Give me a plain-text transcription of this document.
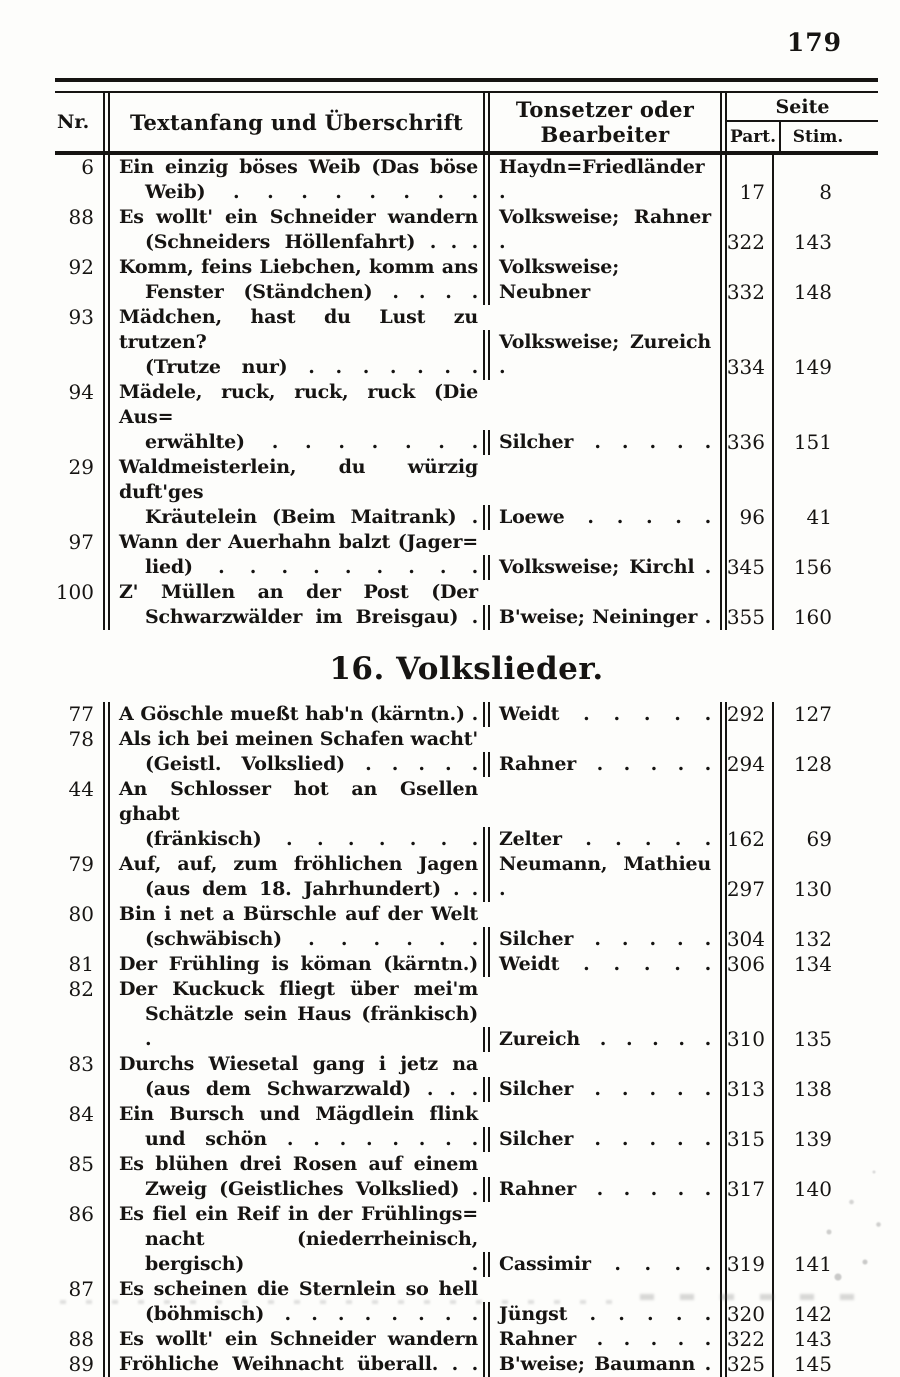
179
Nr.	Textanfang und Überschrift	Tonsetzer oder
Bearbeiter
Seite
Part. Stim.
6	Ein einzig böses Weib (Das böse
Weib) . . . . . . . .
Haydn=Friedländer .	17	8
88	Es wollt' ein Schneider wandern
(Schneiders Höllenfahrt) . . .
Volksweise; Rahner .	322	143
92	Komm, feins Liebchen, komm ans
Fenster (Ständchen) . . . .
Volksweise; Neubner	332	148
93	Mädchen, hast du Lust zu trutzen?
(Trutze nur) . . . . . . .
Volksweise; Zureich .	334	149
94	Mädele, ruck, ruck, ruck (Die Aus=
erwählte) . . . . . . .	Silcher . . . . . 336	151
29	Waldmeisterlein, du würzig duft'ges
Kräutelein (Beim Maitrank) .	Loewe . . . . .	96	41
97	Wann der Auerhahn balzt (Jager=
lied) . . . . . . . . .	Volksweise; Kirchl . 345	156
100	Z' Müllen an der Post (Der
Schwarzwälder im Breisgau) .	B'weise; Neininger . 355	160
16. Volkslieder.
77	A Göschle mueßt hab'n (kärntn.) .	Weidt . . . . . 292	127
78	Als ich bei meinen Schafen wacht'
(Geistl. Volkslied) . . . . .	Rahner . . . . . 294	128
44	An Schlosser hot an Gsellen ghabt
(fränkisch) . . . . . . .	Zelter . . . . . 162	69
79	Auf, auf, zum fröhlichen Jagen
(aus dem 18. Jahrhundert) . .
Neumann, Mathieu .	297	130
80	Bin i net a Bürschle auf der Welt
(schwäbisch) . . . . . .	Silcher . . . . . 304	132
81	Der Frühling is köman (kärntn.)	Weidt . . . . . 306	134
82	Der Kuckuck fliegt über mei'm
Schätzle sein Haus (fränkisch) .	Zureich . . . . . 310	135
83	Durchs Wiesetal gang i jetz na
(aus dem Schwarzwald) . . .	Silcher . . . . . 313	138
84	Ein Bursch und Mägdlein flink
und schön . . . . . . . .	Silcher . . . . . 315	139
85	Es blühen drei Rosen auf einem
Zweig (Geistliches Volkslied) .	Rahner . . . . . 317	140
86	Es fiel ein Reif in der Frühlings=
nacht (niederrheinisch, bergisch) .	Cassimir . . . . 319	141
87	Es scheinen die Sternlein so hell
(böhmisch) . . . . . . . .	Jüngst . . . . . 320	142
88	Es wollt' ein Schneider wandern	Rahner . . . . . 322	143
89	Fröhliche Weihnacht überall. . .	B'weise; Baumann . 325	145
